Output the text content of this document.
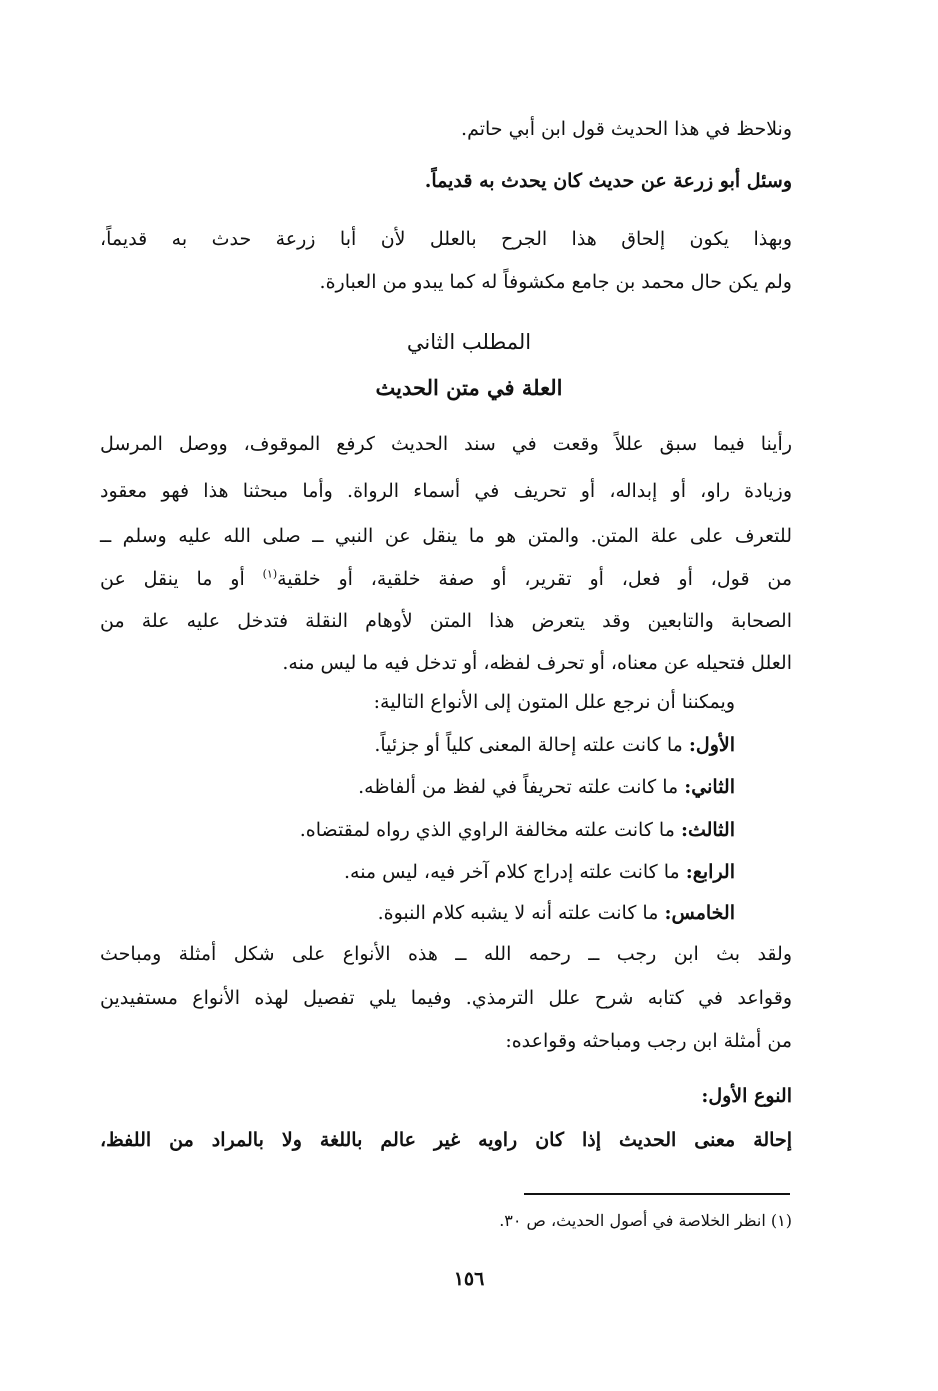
ونلاحظ في هذا الحديث قول ابن أبي حاتم.
وسئل أبو زرعة عن حديث كان يحدث به قديماً.
وبهذا يكون إلحاق هذا الجرح بالعلل لأن أبا زرعة حدث به قديماً،
ولم يكن حال محمد بن جامع مكشوفاً له كما يبدو من العبارة.
المطلب الثاني
العلة في متن الحديث
رأينا فيما سبق عللاً وقعت في سند الحديث كرفع الموقوف، ووصل المرسل
وزيادة راو، أو إبداله، أو تحريف في أسماء الرواة. وأما مبحثنا هذا فهو معقود
للتعرف على علة المتن. والمتن هو ما ينقل عن النبي ــ صلى الله عليه وسلم ــ
من قول، أو فعل، أو تقرير، أو صفة خلقية، أو خلقية$^{(١)}$ أو ما ينقل عن
الصحابة والتابعين وقد يتعرض هذا المتن لأوهام النقلة فتدخل عليه علة من
العلل فتحيله عن معناه، أو تحرف لفظه، أو تدخل فيه ما ليس منه.
ويمكننا أن نرجع علل المتون إلى الأنواع التالية:
الأول: ما كانت علته إحالة المعنى كلياً أو جزئياً.
الثاني: ما كانت علته تحريفاً في لفظ من ألفاظه.
الثالث: ما كانت علته مخالفة الراوي الذي رواه لمقتضاه.
الرابع: ما كانت علته إدراج كلام آخر فيه، ليس منه.
الخامس: ما كانت علته أنه لا يشبه كلام النبوة.
ولقد بث ابن رجب ــ رحمه الله ــ هذه الأنواع على شكل أمثلة ومباحث
وقواعد في كتابه شرح علل الترمذي. وفيما يلي تفصيل لهذه الأنواع مستفيدين
من أمثلة ابن رجب ومباحثه وقواعده:
النوع الأول:
إحالة معنى الحديث إذا كان راويه غير عالم باللغة ولا بالمراد من اللفظ،
(١) انظر الخلاصة في أصول الحديث، ص ٣٠.
١٥٦
